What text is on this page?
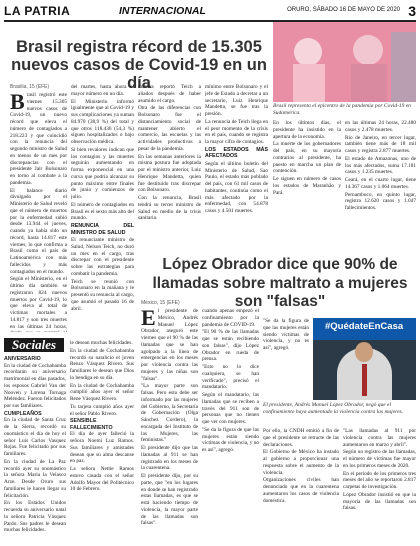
LA PATRIA	INTERNACIONAL	ORURO, SÁBADO 16 DE MAYO DE 2020 3
Brasil registra récord de 15.305 nuevos casos de Covid-19 en un día
Brasilia, 15 (EFE)
B rasil registró este viernes 15.305 nuevos casos de Covid-19, un nuevo récord que eleva el número de contagiados a 218.223 y que coincidió con la renuncia del segundo ministro de Salud en menos de un mes por discrepancias con el presidente Jair Bolsonaro en torno al combate a la pandemia.

El balance diario divulgado por el Ministerio de Salud reveló que el número de muertos por la enfermedad subió desde 13.944 el jueves, cuando ya había sido un récord, hasta 14.817 este viernes, lo que confirma a Brasil como el país de Latinoamérica con más fallecidos y más contagiados en el mundo.

Según el Ministerio, en el último día también se registraron 824 nuevos muertos por Covid-19, lo que eleva al total de víctimas mortales a 14.817 y son tres muertes en las últimas 24 horas,

del martes, hasta ahora el mayor número en un día.

El Ministerio informó igualmente que al Covid-19 y sus complicaciones ya suman 84.970 (38,9 %) del total y que otros 118.436 (54,3 %) siguen hospitalizados o bajo observación médica.

Si bien revalores indican que los contagios y las muertes seguirán aumentando en forma exponencial en una curva que podría alcanzar su punto máximo entre finales de junio y comienzos de julio.

El número de contagiados en Brasil es el sexto más alto del mundo.

RENUNCIA DEL MINISTRO DE SALUD

El renunciante ministro de Salud, Nelson Teich, no duró un mes en el cargo, tras discrepar con el presidente sobre las estrategias para combatir la pandemia.

Teich se reunió con Bolsonaro en la mañana y le presentó su renuncia al cargo, que asumió el pasado 16 de abril.

manera reportó Teich a aliados después de haber asumido el cargo.

Otra de las diferencias con Bolsonaro fue el distanciamiento social de mantener abierto el comercio, las escuelas y las actividades productivas a pesar de la pandemia.

En las semanas anteriores la misma postura fue adoptada por el ministro anterior, Luiz Henrique Mandetta, quien fue destituido tras discrepar con Bolsonaro.

Con la renuncia, Brasil tendrá su tercer ministro de Salud en medio de la crisis sanitaria.

mínimo entre Bolsonaro y el jefe de Estado a decretar a un secretario, Luiz Henrique Mandetta, se fue tras la presión.

La renuncia de Teich llega en el peor momento de la crisis en el país, cuando se registra la mayor cifra de contagios.

LOS ESTADOS MÁS AFECTADOS

Según el último boletín del Ministerio de Salud, Sao Paulo, el estado más poblado del país, con 61 mil casos de habitantes, continúa como el más afectado por la enfermedad, con 54.878 casos y 4.501 muertes.

Brasil representa el epicentro de la pandemia por Covid-19 en Sudamérica.

en las últimas 24 horas, 22.480 casos y 2.478 muertes.

Rio de Janeiro, en tercer lugar, también tiene más de 18 mil casos y registra 2.877 muertes.

El estado de Amazonas, uno de los más afectados, suma 17.181 casos y 1.235 muertes.

Ceará, en el cuarto lugar, tiene 14.367 casos y 1.064 muertes.

Pernambuco, en quinto lugar, registra 12.620 casos y 1.047 fallecimientos.

En los últimos días, el presidente ha insistido en la apertura de la economía.

La muerte de los gobernadores del país, en su mayoría contrarios al presidente, ha puesto en marcha un plan de contención.

Le siguen en número de casos los estados de Maranhão y Pará.

Sociales
ANIVERSARIO

En la ciudad de Cochabamba recordarán su aniversario matrimonial en días pasados, los esposos Gabriel Van der Nooven y Lorena Tornaga Meléndez. Fueron felicitados por sus familiares.

CUMPLEAÑOS

En la ciudad de Santa Cruz de la Sierra, recordó su onomástico el día de hoy el señor Luis Carlos Vasquez Rojas. Fue felicitado por sus familiares.

En la ciudad de La Paz recordó ayer su onomástico la señora Maria la Velasco Arze. Desde Oruro sus familiares le hacen llegar su felicitación.

En los Estados Unidos recuerda su aniversario natal la señora Patricia Vásquez Pardo. Sus padres le desean muchas felicidades.

le desean muchas felicidades.

En la ciudad de Cochabamba recordó su natalicio el joven Renzo Vásquez Rivero. Sus familiares le desean que Dios lo bendiga en su día.

En la ciudad de Cochabamba cumplió años ayer el señor Rene Vásquez Rivero.

Tu tarjeta cumplió años ayer el señor Pablo Rivero.

SENSIBLE FALLECIMIENTO

El día de ayer falleció la señora Noemí Luz Ramos. Sus familiares y amistades desean que su alma descanse en paz.

La señora Nettie Ramos estuvo casada con el señor Adolfo Mayor del Politécnico 10 de Febrero.

López Obrador dice que 90% de llamadas sobre maltrato a mujeres son "falsas"
México, 15 (EFE)
E l presidente de México, Andrés Manuel López Obrador, aseguró este viernes que el 90 % de las llamadas que se han agolpado a la línea de emergencias en los meses por violencia contra las mujeres y las niñas son "falsas".

"La mayor parte son falsas. Pero esto debe ser informado por las mujeres del Gobierno, la Secretaría de Gobernación (Olga Sánchez Cordero), la encargada del Instituto de las Mujeres, las feministas."

El presidente dijo que las llamadas al 911 se han registrado en los meses de la cuarentena.

El presidente dijo, por su parte, que "en los lugares en donde se han registrado estas llamadas, es que se está haciendo tiempo de violencia, la mayor parte de las llamadas son falsas".

cuando apenas empezó el confinamiento por la pandemia de COVID-19.

"El 90 % de las llamadas que se están recibiendo son falsas", dijo López Obrador en rueda de prensa.

"Esto no lo dice cualquiera, se han verificado", precisó el mandatario.

Según el mandatario, las llamadas que se reciben a través del 911 son de personas que no tienen que ver con mujeres.

"Se da la figura de que las mujeres están siendo víctimas de violencia, y no es así", agregó.

#QuédateEnCasa
El presidente, Andrés Manuel López Obrador, negó que el confinamiento haya aumentado la violencia contra las mujeres.

Por ello, la CNDH emitió a fin de que el presidente se retracte de las declaraciones.

El Gobierno de México ha instado al gobierno a proporcionar una respuesta sobre el aumento de la violencia.

Organizaciones civiles han denunciado que en la cuarentena aumentaron los casos de violencia doméstica.

"Las llamadas al 911 por violencia contra las mujeres aumentaron en marzo y abril".

Según un registro de las llamadas, el número de víctimas fue mayor en los primeros meses de 2020.

En el periodo de los primeros tres meses del año se reportaron 2.817 carpetas de investigación.

López Obrador insistió en que la mayoría de las llamadas son falsas.

"Se da la figura de que las mujeres están siendo víctimas de violencia, y no es así", agregó.
